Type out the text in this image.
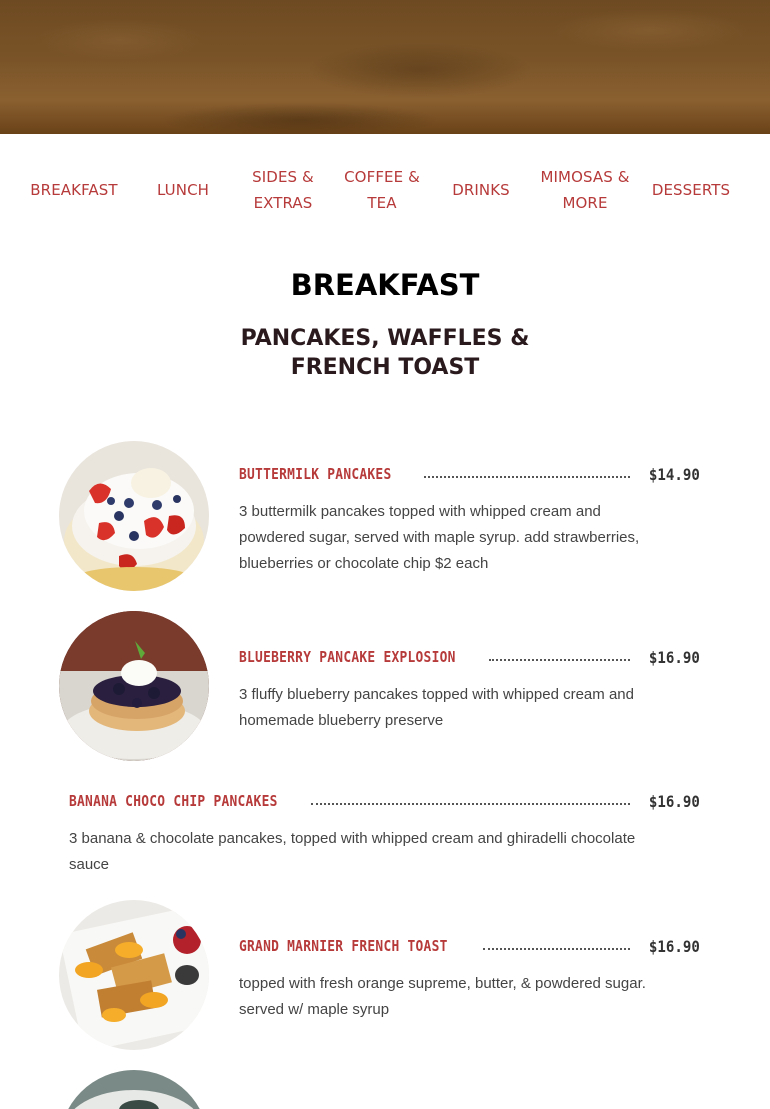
BREAKFAST	LUNCH
SIDES & EXTRAS
COFFEE & TEA
DRINKS
MIMOSAS & MORE
DESSERTS
BREAKFAST
PANCAKES, WAFFLES & FRENCH TOAST
BUTTERMILK PANCAKES	$14.90
3 buttermilk pancakes topped with whipped cream and powdered sugar, served with maple syrup. add strawberries, blueberries or chocolate chip $2 each
BLUEBERRY PANCAKE EXPLOSION	$16.90
3 fluffy blueberry pancakes topped with whipped cream and homemade blueberry preserve
BANANA CHOCO CHIP PANCAKES	$16.90
3 banana & chocolate pancakes, topped with whipped cream and ghiradelli chocolate sauce
GRAND MARNIER FRENCH TOAST	$16.90
topped with fresh orange supreme, butter, & powdered sugar. served w/ maple syrup
